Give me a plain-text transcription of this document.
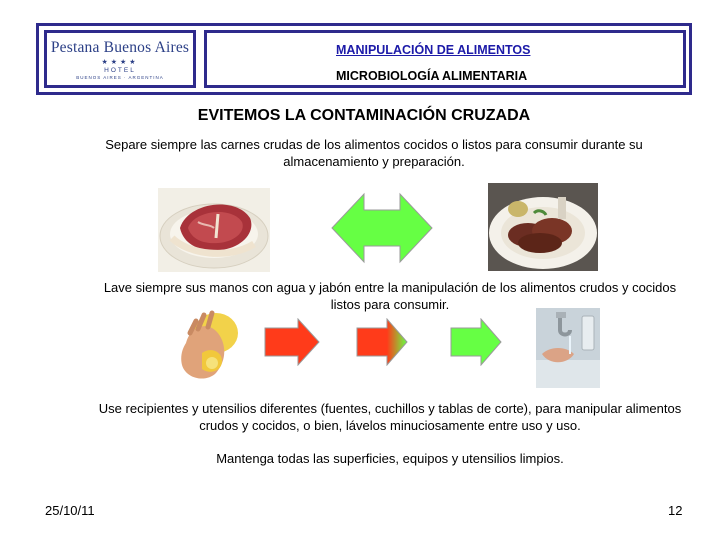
Pestana Buenos Aires
★★★★
HOTEL
BUENOS AIRES · ARGENTINA
MANIPULACIÓN DE ALIMENTOS
MICROBIOLOGÍA ALIMENTARIA
EVITEMOS LA CONTAMINACIÓN CRUZADA
Separe siempre las carnes crudas de los alimentos cocidos o listos para consumir durante su almacenamiento y preparación.
Lave siempre sus manos con agua y jabón entre la manipulación de los alimentos crudos y cocidos listos para consumir.
Use recipientes y utensilios diferentes (fuentes, cuchillos y tablas de corte), para manipular alimentos crudos y cocidos, o bien, lávelos minuciosamente entre uso y uso.
Mantenga todas las superficies, equipos y utensilios limpios.
25/10/11	12
